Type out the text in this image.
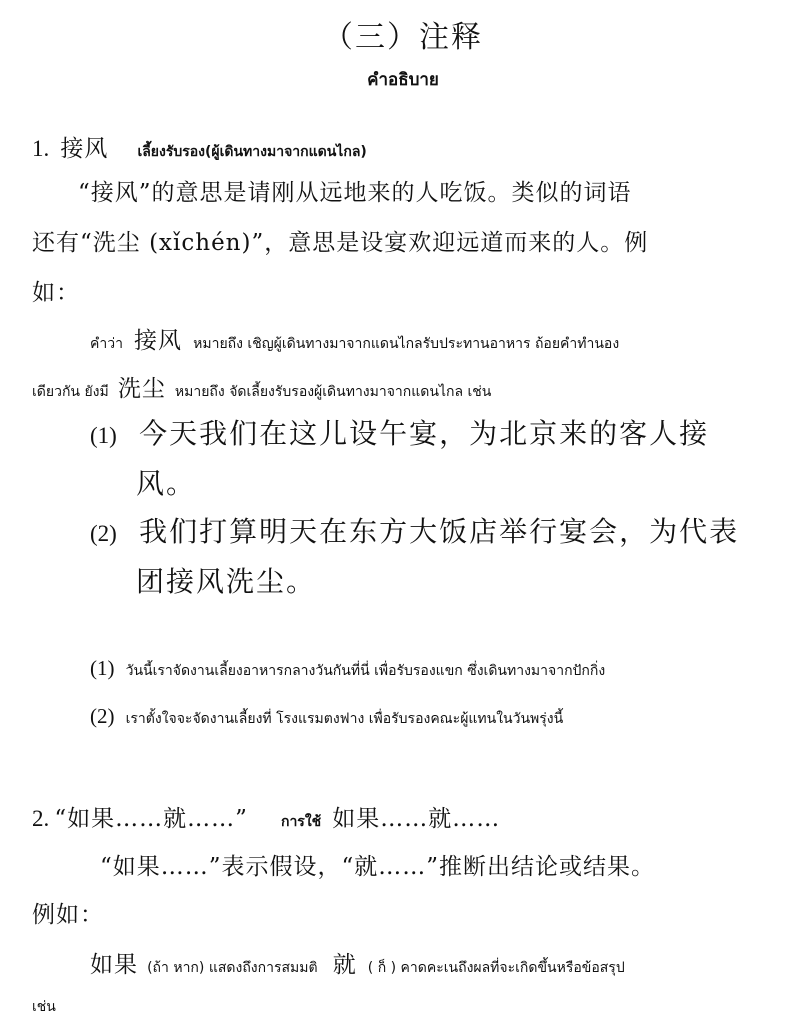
（三）注释
คำอธิบาย
1. 接风 เลี้ยงรับรอง(ผู้เดินทางมาจากแดนไกล)
“接风”的意思是请刚从远地来的人吃饭。类似的词语
还有“洗尘 (xǐchén)”，意思是设宴欢迎远道而来的人。例
如：
คำว่า 接风 หมายถึง เชิญผู้เดินทางมาจากแดนไกลรับประทานอาหาร ถ้อยคำทำนอง
เดียวกัน ยังมี 洗尘 หมายถึง จัดเลี้ยงรับรองผู้เดินทางมาจากแดนไกล เช่น
(1) 今天我们在这儿设午宴，为北京来的客人接
风。
(2) 我们打算明天在东方大饭店举行宴会，为代表
团接风洗尘。
(1) วันนี้เราจัดงานเลี้ยงอาหารกลางวันกันที่นี่ เพื่อรับรองแขก ซึ่งเดินทางมาจากปักกิ่ง
(2) เราตั้งใจจะจัดงานเลี้ยงที่ โรงแรมตงฟาง เพื่อรับรองคณะผู้แทนในวันพรุ่งนี้
2. “如果……就……” การใช้ 如果……就……
“如果……”表示假设，“就……”推断出结论或结果。
例如：
如果 (ถ้า หาก) แสดงถึงการสมมติ 就 ( ก็ ) คาดคะเนถึงผลที่จะเกิดขึ้นหรือข้อสรุป
เช่น
